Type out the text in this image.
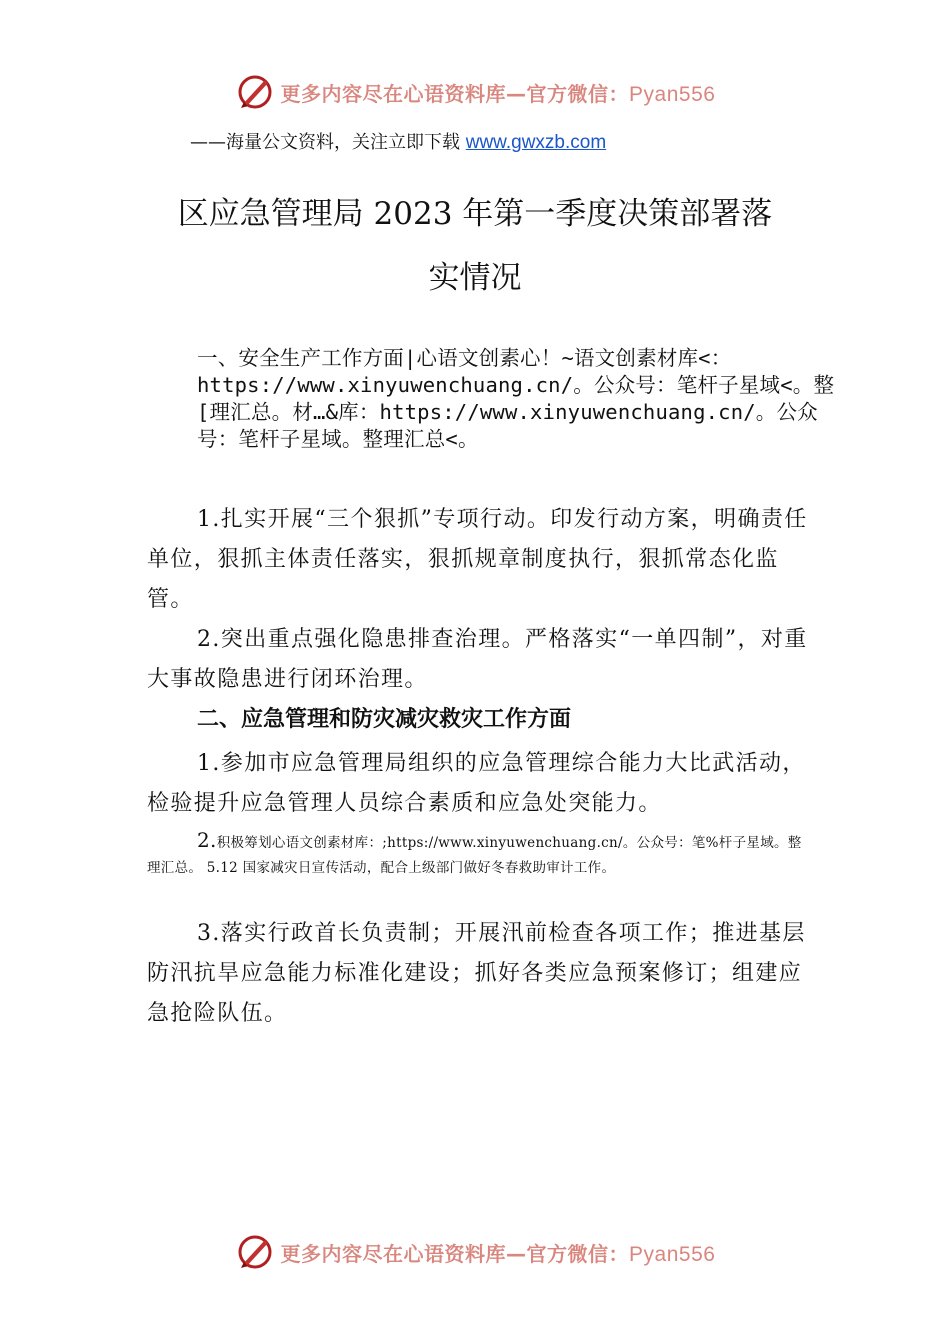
更多内容尽在心语资料库—官方微信：Pyan556
——海量公文资料，关注立即下载 www.gwxzb.com
区应急管理局 2023 年第一季度决策部署落
实情况

一、安全生产工作方面|心语文创素心！~语文创素材库<：https://www.xinyuwenchuang.cn/。公众号：笔杆子星域<。整[理汇总。材…&库：https://www.xinyuwenchuang.cn/。公众号：笔杆子星域。整理汇总<。

1.扎实开展“三个狠抓”专项行动。印发行动方案，明确责任单位，狠抓主体责任落实，狠抓规章制度执行，狠抓常态化监管。

2.突出重点强化隐患排查治理。严格落实“一单四制”，对重大事故隐患进行闭环治理。

二、应急管理和防灾减灾救灾工作方面

1.参加市应急管理局组织的应急管理综合能力大比武活动，检验提升应急管理人员综合素质和应急处突能力。

2.积极筹划心语文创素材库：;https://www.xinyuwenchuang.cn/。公众号：笔%杆子星域。整理汇总。 5.12 国家减灾日宣传活动，配合上级部门做好冬春救助审计工作。

3.落实行政首长负责制；开展汛前检查各项工作；推进基层防汛抗旱应急能力标准化建设；抓好各类应急预案修订；组建应急抢险队伍。

更多内容尽在心语资料库—官方微信：Pyan556
